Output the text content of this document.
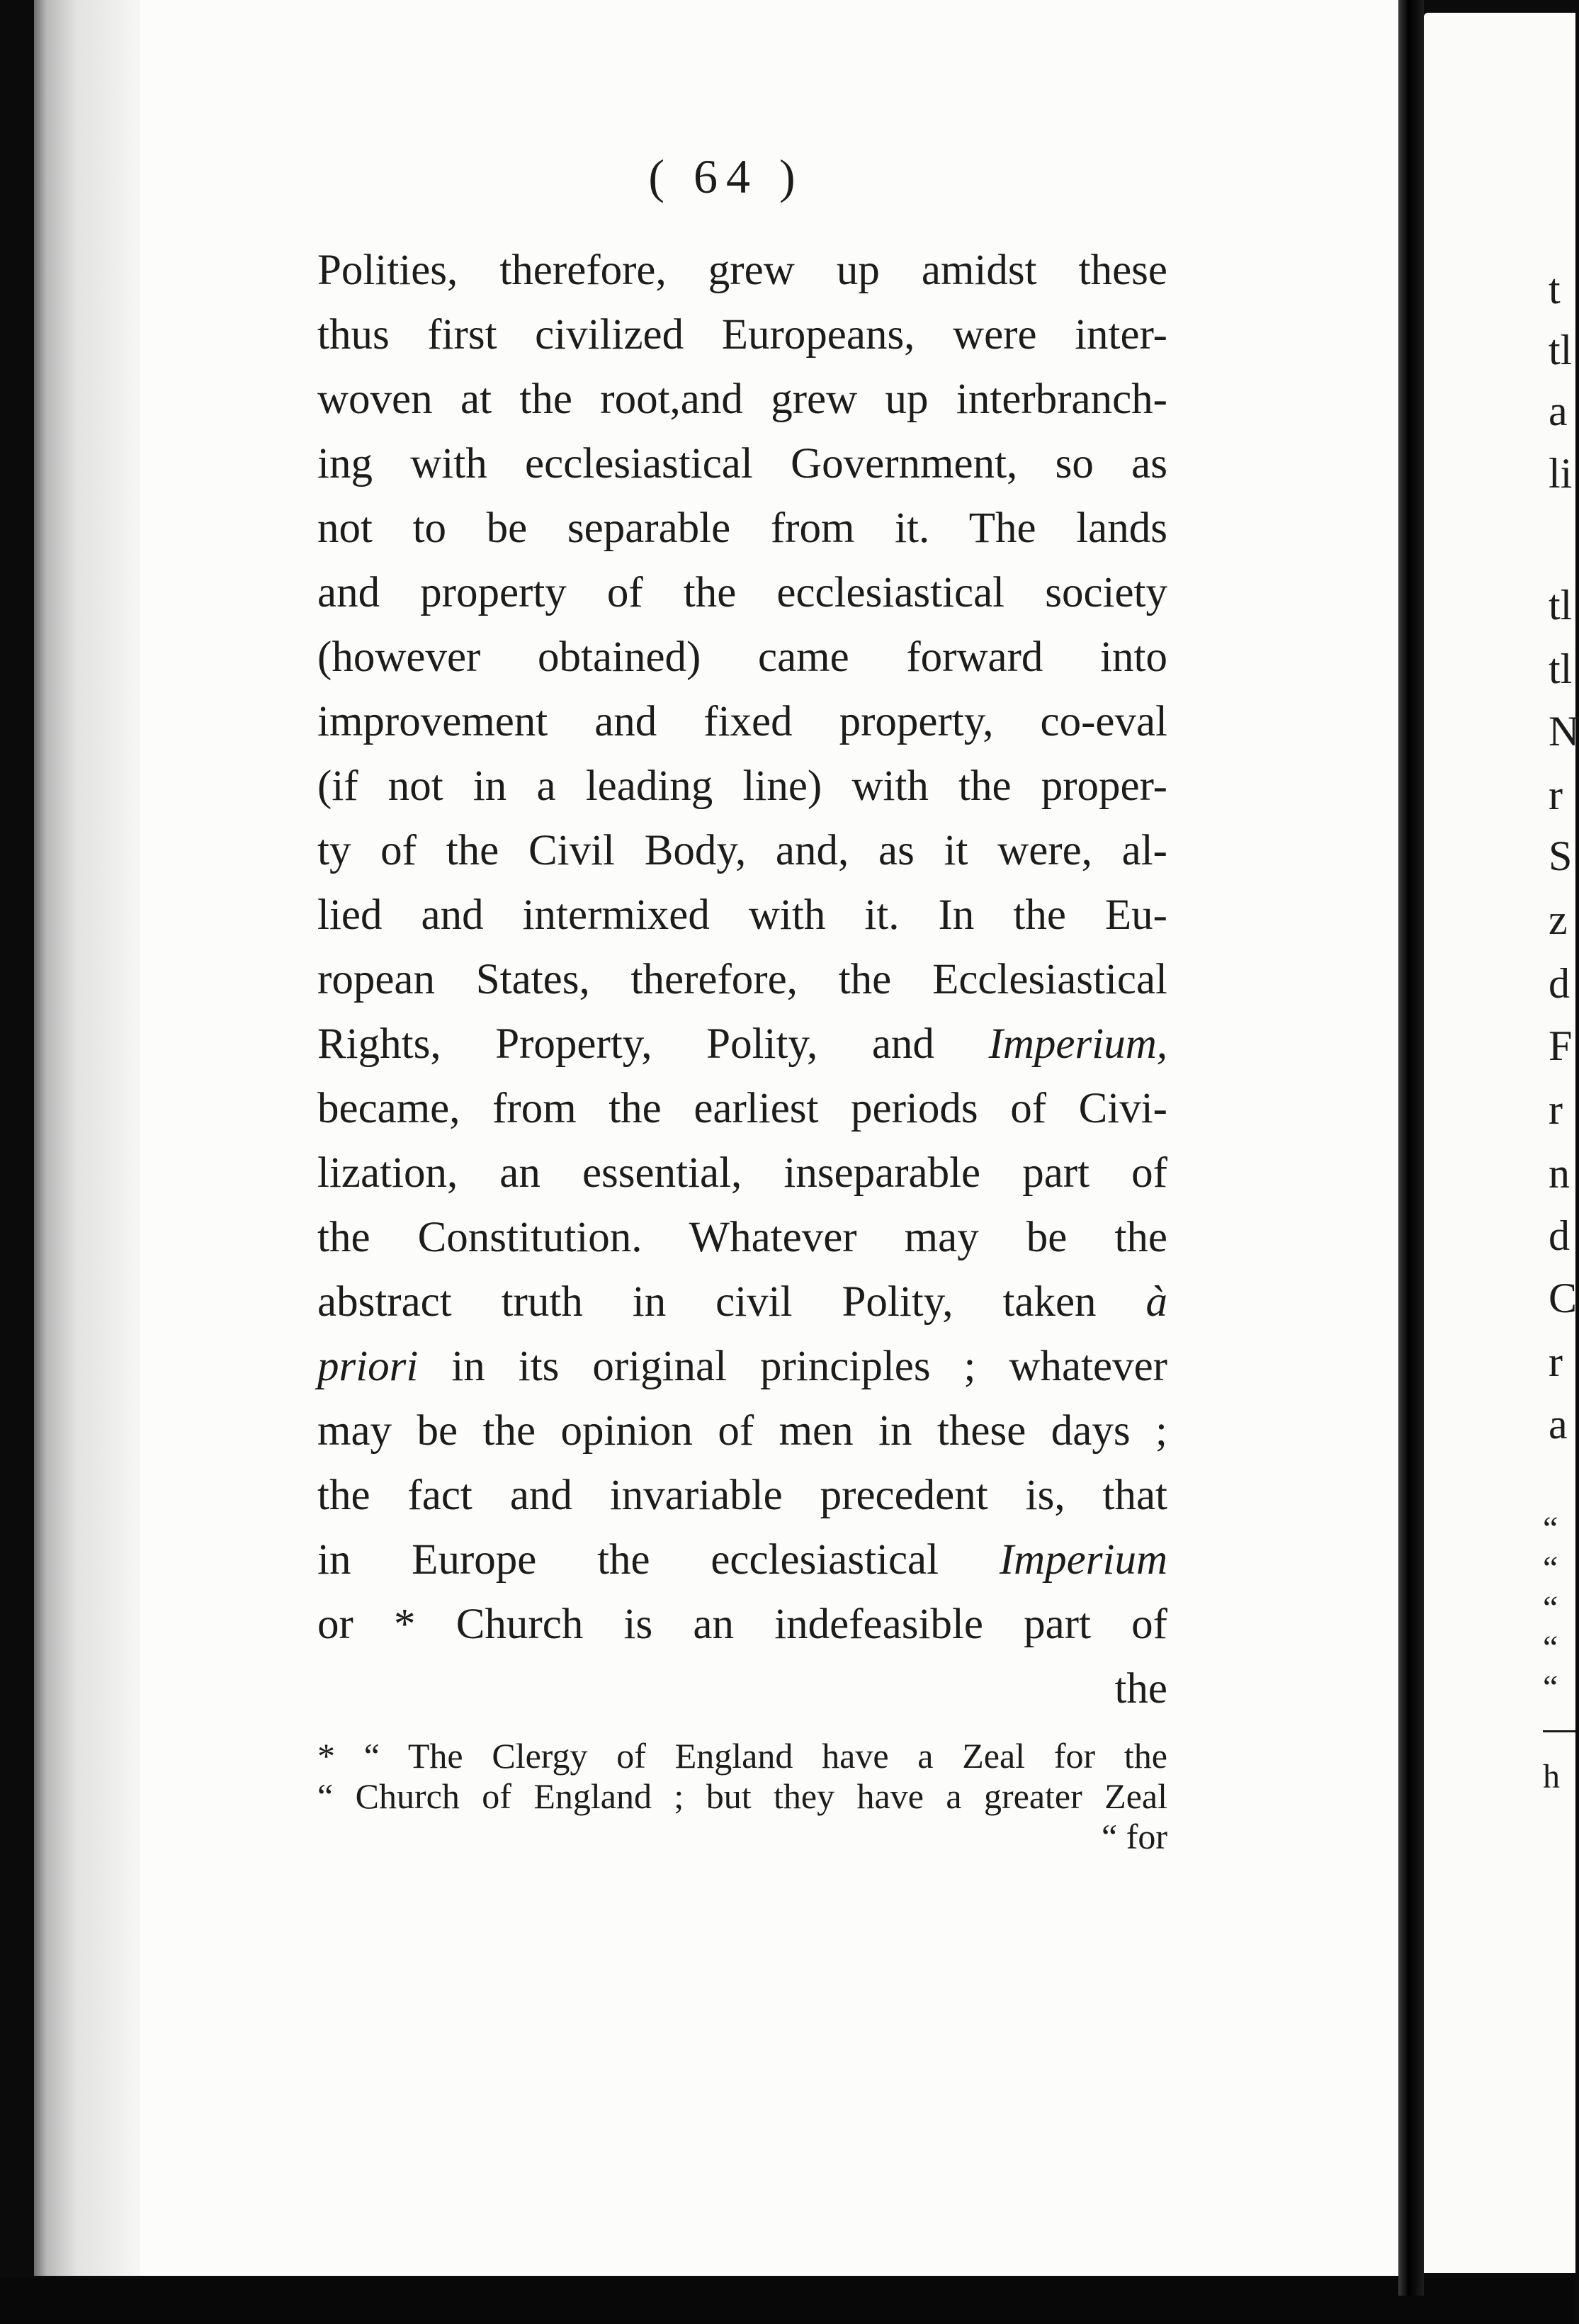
t
tl
a
li
tl
tl
N
r
S
z
d
F
r
n
d
C
r
a
“
“
“
“
“
h
( 64 )
Polities, therefore, grew up amidst these
thus first civilized Europeans, were inter-
woven at the root,and grew up interbranch-
ing with ecclesiastical Government, so as
not to be separable from it. The lands
and property of the ecclesiastical society
(however obtained) came forward into
improvement and fixed property, co-eval
(if not in a leading line) with the proper-
ty of the Civil Body, and, as it were, al-
lied and intermixed with it. In the Eu-
ropean States, therefore, the Ecclesiastical
Rights, Property, Polity, and Imperium,
became, from the earliest periods of Civi-
lization, an essential, inseparable part of
the Constitution. Whatever may be the
abstract truth in civil Polity, taken à
priori in its original principles ; whatever
may be the opinion of men in these days ;
the fact and invariable precedent is, that
in Europe the ecclesiastical Imperium
or * Church is an indefeasible part of
the
* “ The Clergy of England have a Zeal for the
“ Church of England ; but they have a greater Zeal
“ for
